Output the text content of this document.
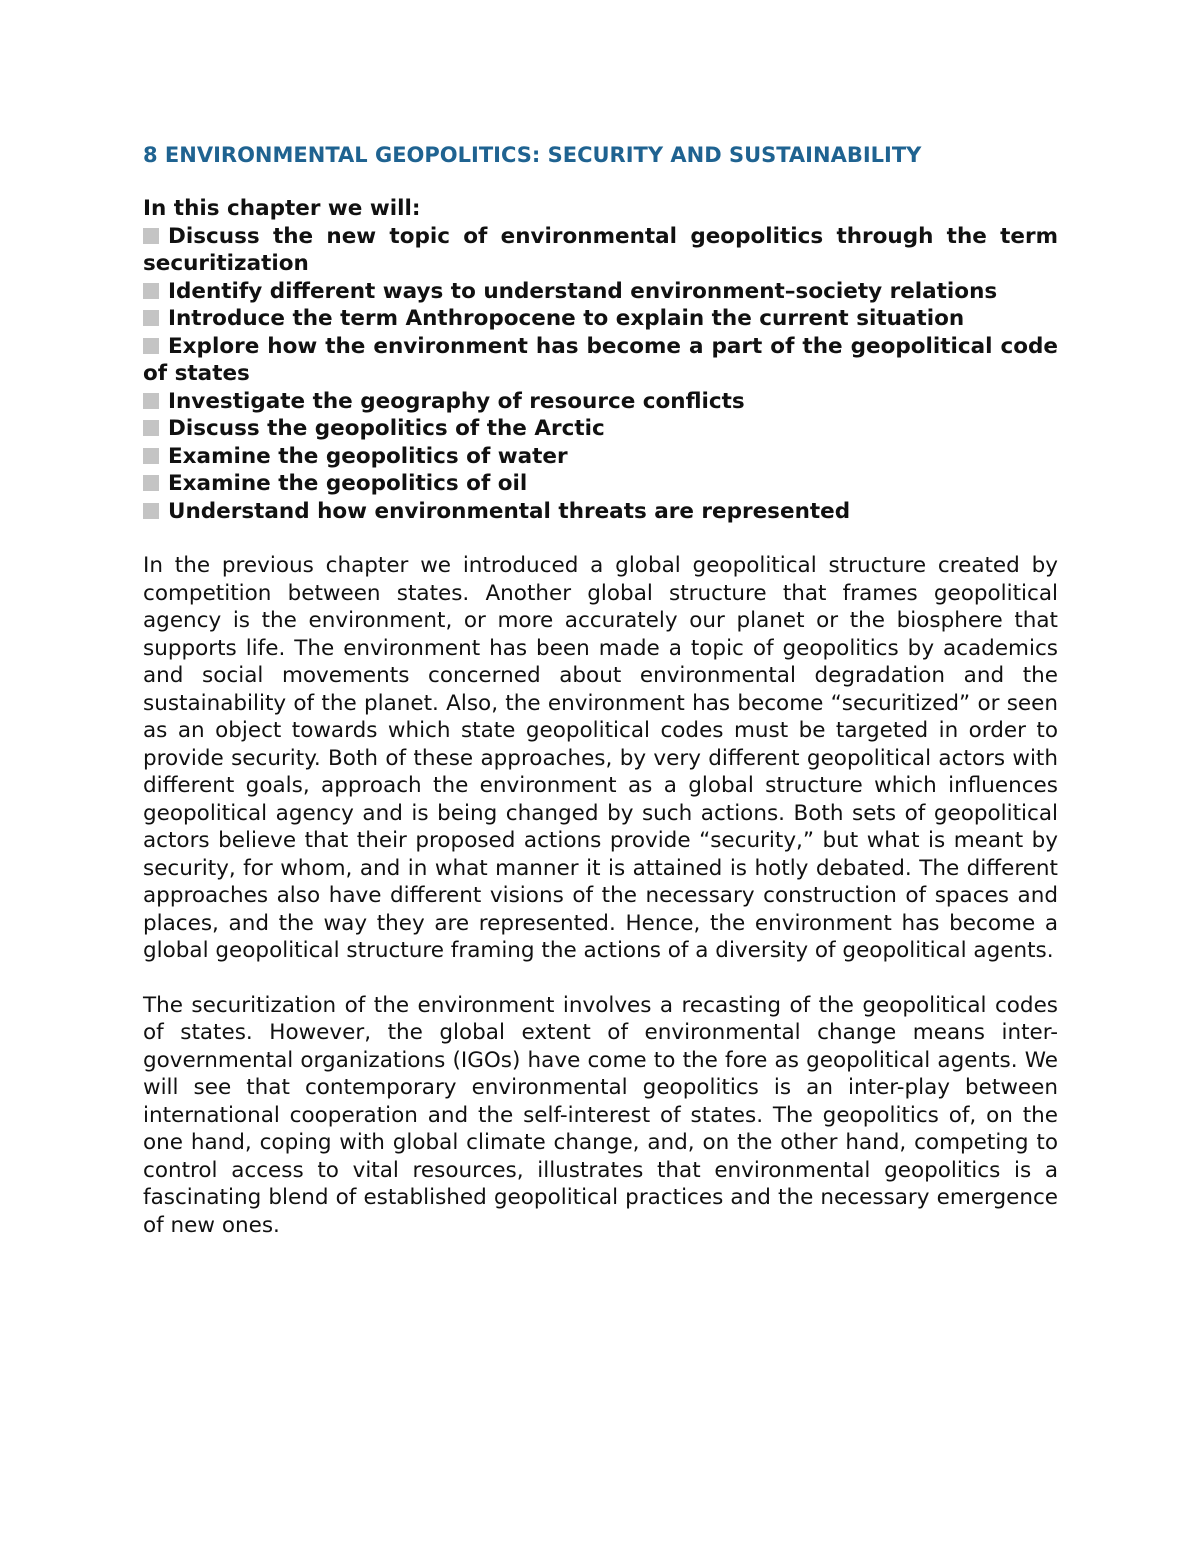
8 ENVIRONMENTAL GEOPOLITICS: SECURITY AND SUSTAINABILITY
In this chapter we will:
Discuss the new topic of environmental geopolitics through the term securitization
Identify different ways to understand environment–society relations
Introduce the term Anthropocene to explain the current situation
Explore how the environment has become a part of the geopolitical code of states
Investigate the geography of resource conflicts
Discuss the geopolitics of the Arctic
Examine the geopolitics of water
Examine the geopolitics of oil
Understand how environmental threats are represented

In the previous chapter we introduced a global geopolitical structure created by competition between states. Another global structure that frames geopolitical agency is the environment, or more accurately our planet or the biosphere that supports life. The environment has been made a topic of geopolitics by academics and social movements concerned about environmental degradation and the sustainability of the planet. Also, the environment has become “securitized” or seen as an object towards which state geopolitical codes must be targeted in order to provide security. Both of these approaches, by very different geopolitical actors with different goals, approach the environment as a global structure which influences geopolitical agency and is being changed by such actions. Both sets of geopolitical actors believe that their proposed actions provide “security,” but what is meant by security, for whom, and in what manner it is attained is hotly debated. The different approaches also have different visions of the necessary construction of spaces and places, and the way they are represented. Hence, the environment has become a global geopolitical structure framing the actions of a diversity of geopolitical agents.

The securitization of the environment involves a recasting of the geopolitical codes of states. However, the global extent of environmental change means inter- governmental organizations (IGOs) have come to the fore as geopolitical agents. We will see that contemporary environmental geopolitics is an inter-play between international cooperation and the self-interest of states. The geopolitics of, on the one hand, coping with global climate change, and, on the other hand, competing to control access to vital resources, illustrates that environmental geopolitics is a fascinating blend of established geopolitical practices and the necessary emergence of new ones.
